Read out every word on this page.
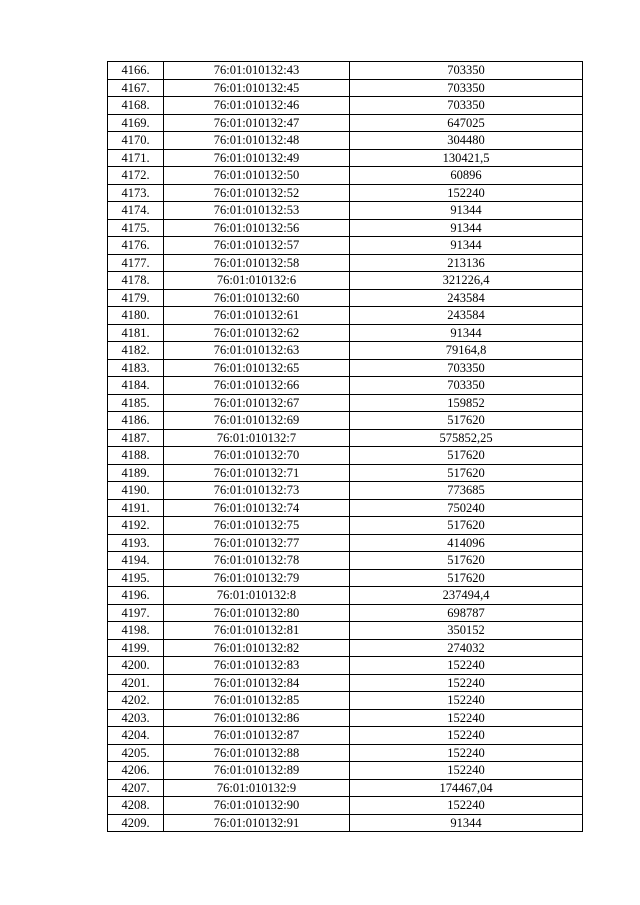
4166.	76:01:010132:43	703350
4167.	76:01:010132:45	703350
4168.	76:01:010132:46	703350
4169.	76:01:010132:47	647025
4170.	76:01:010132:48	304480
4171.	76:01:010132:49	130421,5
4172.	76:01:010132:50	60896
4173.	76:01:010132:52	152240
4174.	76:01:010132:53	91344
4175.	76:01:010132:56	91344
4176.	76:01:010132:57	91344
4177.	76:01:010132:58	213136
4178.	76:01:010132:6	321226,4
4179.	76:01:010132:60	243584
4180.	76:01:010132:61	243584
4181.	76:01:010132:62	91344
4182.	76:01:010132:63	79164,8
4183.	76:01:010132:65	703350
4184.	76:01:010132:66	703350
4185.	76:01:010132:67	159852
4186.	76:01:010132:69	517620
4187.	76:01:010132:7	575852,25
4188.	76:01:010132:70	517620
4189.	76:01:010132:71	517620
4190.	76:01:010132:73	773685
4191.	76:01:010132:74	750240
4192.	76:01:010132:75	517620
4193.	76:01:010132:77	414096
4194.	76:01:010132:78	517620
4195.	76:01:010132:79	517620
4196.	76:01:010132:8	237494,4
4197.	76:01:010132:80	698787
4198.	76:01:010132:81	350152
4199.	76:01:010132:82	274032
4200.	76:01:010132:83	152240
4201.	76:01:010132:84	152240
4202.	76:01:010132:85	152240
4203.	76:01:010132:86	152240
4204.	76:01:010132:87	152240
4205.	76:01:010132:88	152240
4206.	76:01:010132:89	152240
4207.	76:01:010132:9	174467,04
4208.	76:01:010132:90	152240
4209.	76:01:010132:91	91344
